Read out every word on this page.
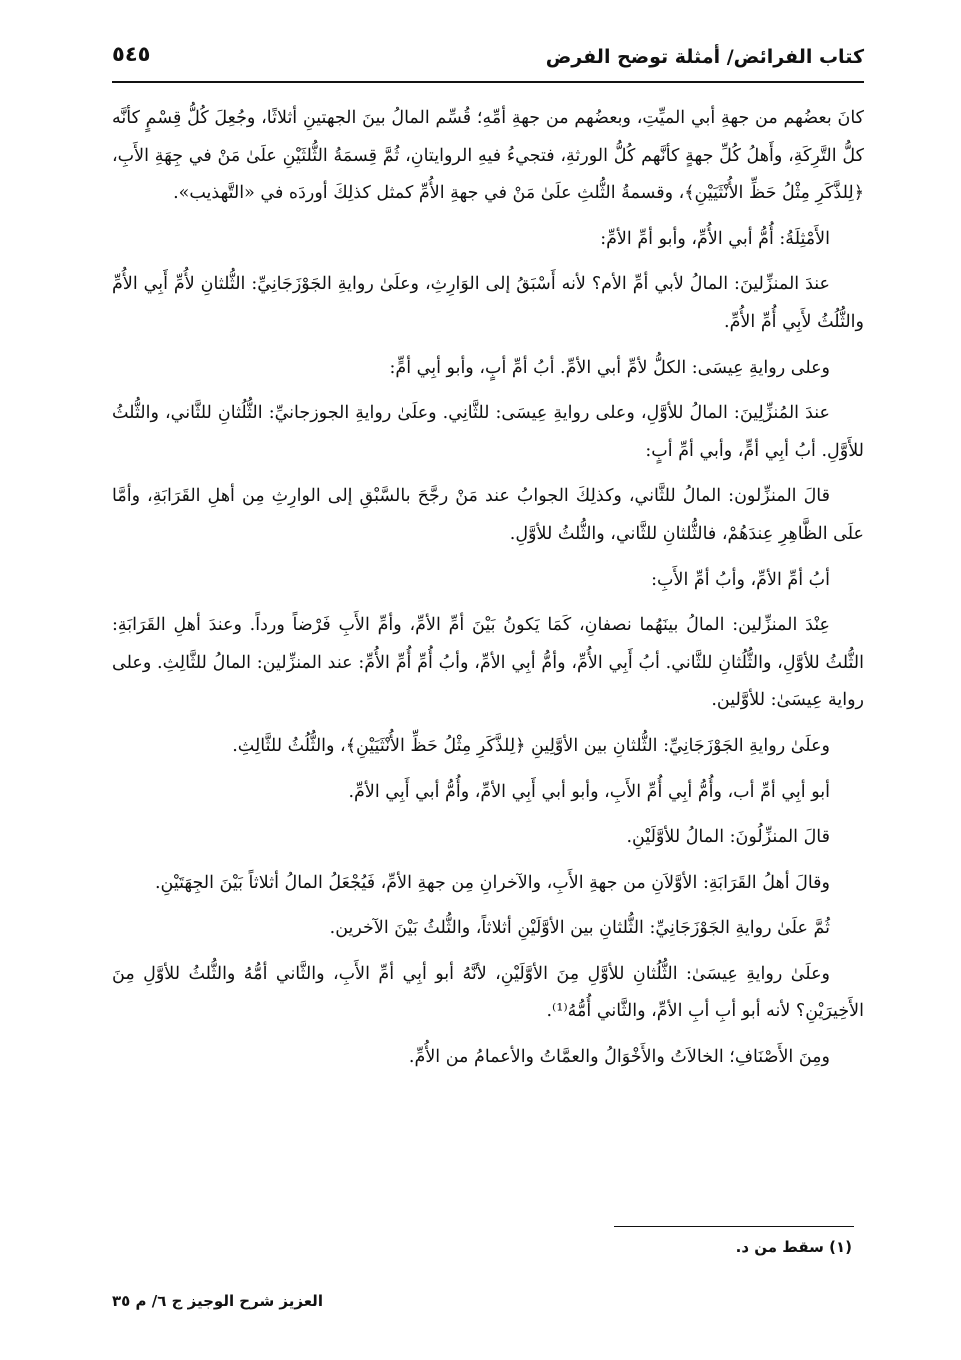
كتاب الفرائض/ أمثلة توضح الفرض
٥٤٥

كانَ بعضُهم من جهةِ أبي الميِّتِ، وبعضُهم من جهةِ أمِّهِ؛ قُسِّم المالُ بينَ الجهتينِ أثلاثًا، وجُعِلَ كُلُّ قِسْمٍ كأنَّه كلُّ التَّرِكَةِ، وأَهلُ كُلِّ جهةٍ كأنَّهم كُلُّ الورثةِ، فتجيءُ فيهِ الروايتانِ، ثُمَّ قِسمَةُ الثُّلثَيْنِ علَىٰ مَنْ في جِهَةِ الأَبِ، ﴿لِلذَّكَرِ مِثْلُ حَظِّ الأُنْثَيَيْنِ﴾، وقسمةُ الثُّلثِ علَىٰ مَنْ في جهةِ الأُمِّ كمثل كذلِكَ أوردَه في «التَّهذيب».

الأَمْثِلَةُ: أُمُّ أبي الأُمِّ، وأبو أمِّ الأمِّ:

عندَ المنزِّلينَ: المالُ لأبي أمِّ الأم؟ لأنه أَسْبَقُ إلى الوَارِثِ، وعلَىٰ روايةِ الجَوْزَجَانِيِّ: الثُّلثانِ لأُمِّ أَبِي الأُمِّ والثُّلُثُ لأَبِي أُمِّ الأُمِّ.

وعلى روايةِ عِيسَى: الكلُّ لأمِّ أبي الأمِّ. أبُ أمِّ أبٍ، وأبو أبِي أمٍّ:

عندَ المُنزِّلِينَ: المالُ للأوَّلِ، وعلى روايةِ عِيسَى: للثَّانِي. وعلَىٰ روايةِ الجوزجانيِّ: الثُّلُثانِ للثَّاني، والثُّلثُ للأَوَّلِ. أبُ أبِي أمٍّ، وأبي أمِّ أبٍ:

قالَ المنزِّلون: المالُ للثَّاني، وكذلِكَ الجوابُ عند مَنْ رجَّحَ بالسَّبْقِ إلى الوارِثِ مِن أهلِ القَرَابَةِ، وأمَّا علَى الظَّاهِرِ عِندَهُمْ، فالثُّلثانِ للثَّاني، والثُّلثُ للأوَّلِ.

أبُ أمِّ الأمِّ، وأبُ أمِّ الأَبِ:

عِنْدَ المنزِّلين: المالُ بينَهُما نصفانِ، كَمَا يَكونُ بَيْنَ أمِّ الأمِّ، وأمِّ الأَبِ فَرْضاً ورداً. وعندَ أهلِ القَرَابَةِ: الثُّلثُ للأوَّلِ، والثُّلُثانِ للثَّاني. أبُ أَبِي الأُمِّ، وأمُّ أبِي الأمِّ، وأبُ أُمِّ أُمِّ الأُمِّ: عند المنزِّلين: المالُ للثَّالِثِ. وعلى رواية عِيسَىٰ: للأوَّلين.

وعلَىٰ روايةِ الجَوْزَجَانِيِّ: الثُّلثانِ بين الأوَّلِينِ ﴿لِلذَّكَرِ مِثْلُ حَظِّ الأُنْثَيَيْنِ﴾، والثُّلُثُ للثَّالِثِ.

أبو أبِي أمِّ أب، وأُمُّ أبِي أُمِّ الأَبِ، وأبو أبي أَبِي الأمِّ، وأُمُّ أبي أَبِي الأمِّ.

قالَ المنزِّلُونَ: المالُ للأوَّلَيْنِ.

وقالَ أهلُ القَرَابَةِ: الأوَّلاَنِ من جهةِ الأَبِ، والآخرانِ مِن جهةِ الأمِّ، فَيُجْعَلُ المالُ أثلاثاً بَيْنَ الجِهَتَيْنِ.

ثُمَّ علَىٰ روايةِ الجَوْزَجَانِيِّ: الثُّلثانِ بين الأوَّلَيْنِ أثلاثاً، والثُّلثُ بَيْنَ الآخرين.

وعلَىٰ روايةِ عِيسَىٰ: الثُّلُثانِ للأوَّلِ مِنَ الأوَّلَيْنِ، لأنَّهُ أبو أبِي أمِّ الأَبِ، والثَّاني أمُّهُ والثُّلثُ للأوَّلِ مِنَ الأَخِيرَيْنِ؟ لأنه أبو أبِ أبِ الأمِّ، والثَّاني أُمُّهُ⁽¹⁾.

ومِنَ الأَصْنَافِ؛ الخالاَتُ والأَخْوَالُ والعمَّاتُ والأعمامُ من الأُمِّ.

(١) سقط من د.
العزيز شرح الوجيز ج ٦/ م ٣٥
